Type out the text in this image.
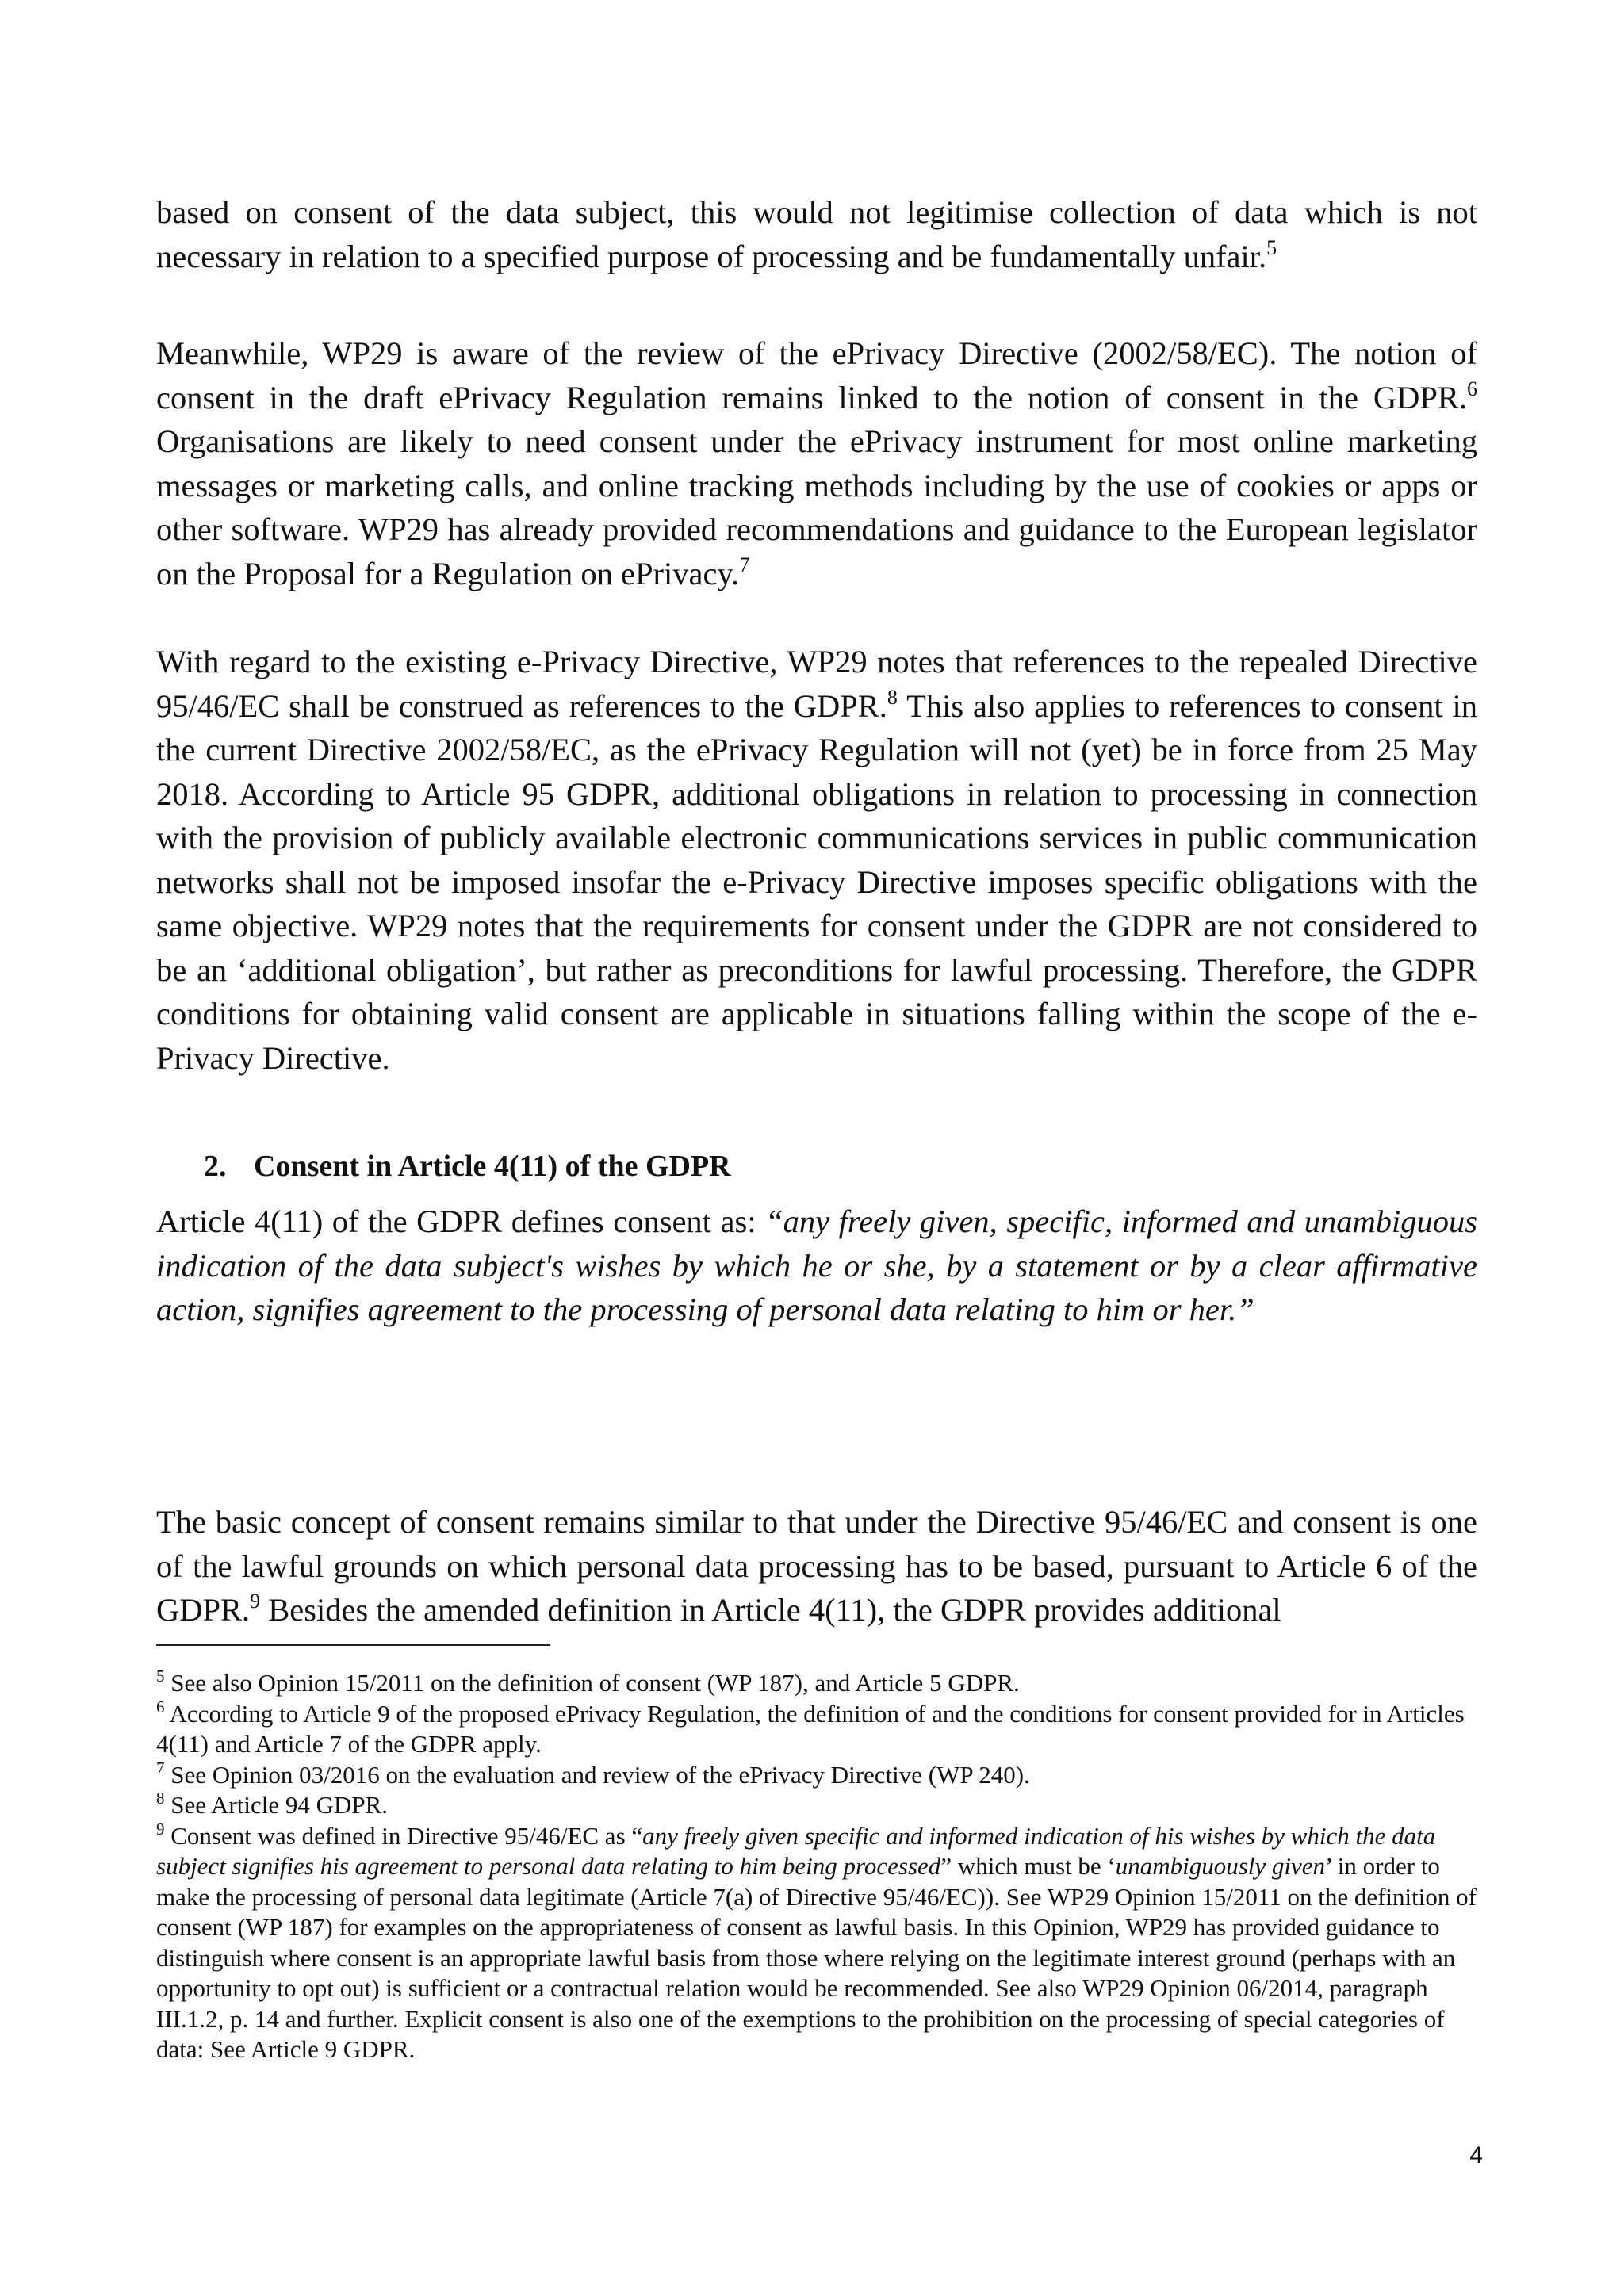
based on consent of the data subject, this would not legitimise collection of data which is not necessary in relation to a specified purpose of processing and be fundamentally unfair.$^5$

Meanwhile, WP29 is aware of the review of the ePrivacy Directive (2002/58/EC). The notion of consent in the draft ePrivacy Regulation remains linked to the notion of consent in the GDPR.$^6$ Organisations are likely to need consent under the ePrivacy instrument for most online marketing messages or marketing calls, and online tracking methods including by the use of cookies or apps or other software. WP29 has already provided recommendations and guidance to the European legislator on the Proposal for a Regulation on ePrivacy.$^7$

With regard to the existing e-Privacy Directive, WP29 notes that references to the repealed Directive 95/46/EC shall be construed as references to the GDPR.$^8$ This also applies to references to consent in the current Directive 2002/58/EC, as the ePrivacy Regulation will not (yet) be in force from 25 May 2018. According to Article 95 GDPR, additional obligations in relation to processing in connection with the provision of publicly available electronic communications services in public communication networks shall not be imposed insofar the e-Privacy Directive imposes specific obligations with the same objective. WP29 notes that the requirements for consent under the GDPR are not considered to be an ‘additional obligation’, but rather as preconditions for lawful processing. Therefore, the GDPR conditions for obtaining valid consent are applicable in situations falling within the scope of the e-Privacy Directive.

2. Consent in Article 4(11) of the GDPR

Article 4(11) of the GDPR defines consent as: “any freely given, specific, informed and unambiguous indication of the data subject's wishes by which he or she, by a statement or by a clear affirmative action, signifies agreement to the processing of personal data relating to him or her.”

The basic concept of consent remains similar to that under the Directive 95/46/EC and consent is one of the lawful grounds on which personal data processing has to be based, pursuant to Article 6 of the GDPR.$^9$ Besides the amended definition in Article 4(11), the GDPR provides additional

$^5$ See also Opinion 15/2011 on the definition of consent (WP 187), and Article 5 GDPR.

$^6$ According to Article 9 of the proposed ePrivacy Regulation, the definition of and the conditions for consent provided for in Articles 4(11) and Article 7 of the GDPR apply.

$^7$ See Opinion 03/2016 on the evaluation and review of the ePrivacy Directive (WP 240).

$^8$ See Article 94 GDPR.

$^9$ Consent was defined in Directive 95/46/EC as “any freely given specific and informed indication of his wishes by which the data subject signifies his agreement to personal data relating to him being processed” which must be ‘unambiguously given’ in order to make the processing of personal data legitimate (Article 7(a) of Directive 95/46/EC)). See WP29 Opinion 15/2011 on the definition of consent (WP 187) for examples on the appropriateness of consent as lawful basis. In this Opinion, WP29 has provided guidance to distinguish where consent is an appropriate lawful basis from those where relying on the legitimate interest ground (perhaps with an opportunity to opt out) is sufficient or a contractual relation would be recommended. See also WP29 Opinion 06/2014, paragraph III.1.2, p. 14 and further. Explicit consent is also one of the exemptions to the prohibition on the processing of special categories of data: See Article 9 GDPR.

4
